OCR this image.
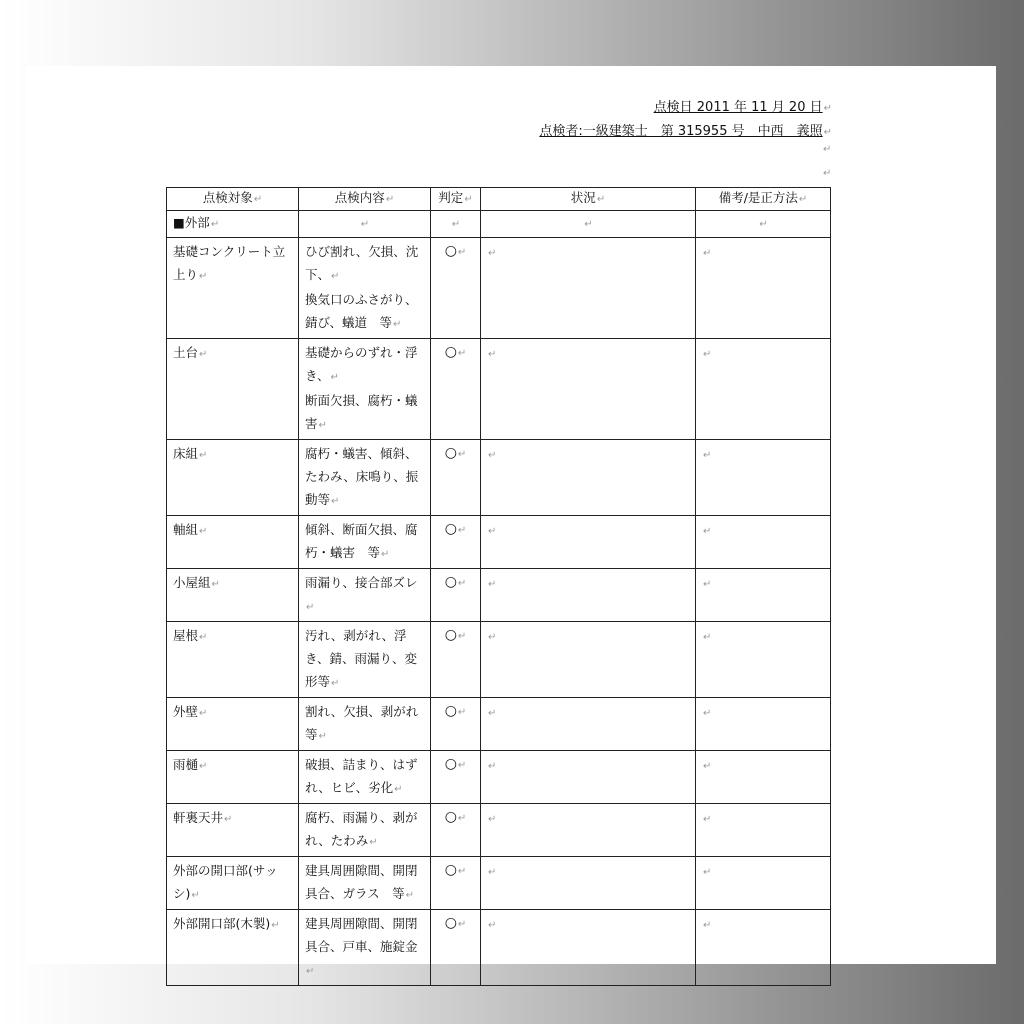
点検日 2011 年 11 月 20 日↵
点検者:一級建築士　第 315955 号　中西　義照↵
↵
↵
点検対象↵	点検内容↵	判定↵	状況↵	備考/是正方法↵
■外部↵	↵	↵	↵	↵
基礎コンクリート立上り↵	ひび割れ、欠損、沈下、↵
換気口のふさがり、錆び、蟻道　等↵	○↵	↵	↵
土台↵	基礎からのずれ・浮き、↵
断面欠損、腐朽・蟻害↵	○↵	↵	↵
床組↵	腐朽・蟻害、傾斜、たわみ、床鳴り、振動等↵	○↵	↵	↵
軸組↵	傾斜、断面欠損、腐朽・蟻害　等↵	○↵	↵	↵
小屋組↵	雨漏り、接合部ズレ↵	○↵	↵	↵
屋根↵	汚れ、剥がれ、浮き、錆、雨漏り、変形等↵	○↵	↵	↵
外壁↵	割れ、欠損、剥がれ等↵	○↵	↵	↵
雨樋↵	破損、詰まり、はずれ、ヒビ、劣化↵	○↵	↵	↵
軒裏天井↵	腐朽、雨漏り、剥がれ、たわみ↵	○↵	↵	↵
外部の開口部(サッシ)↵	建具周囲隙間、開閉具合、ガラス　等↵	○↵	↵	↵
外部開口部(木製)↵	建具周囲隙間、開閉具合、戸車、施錠金↵	○↵	↵	↵
